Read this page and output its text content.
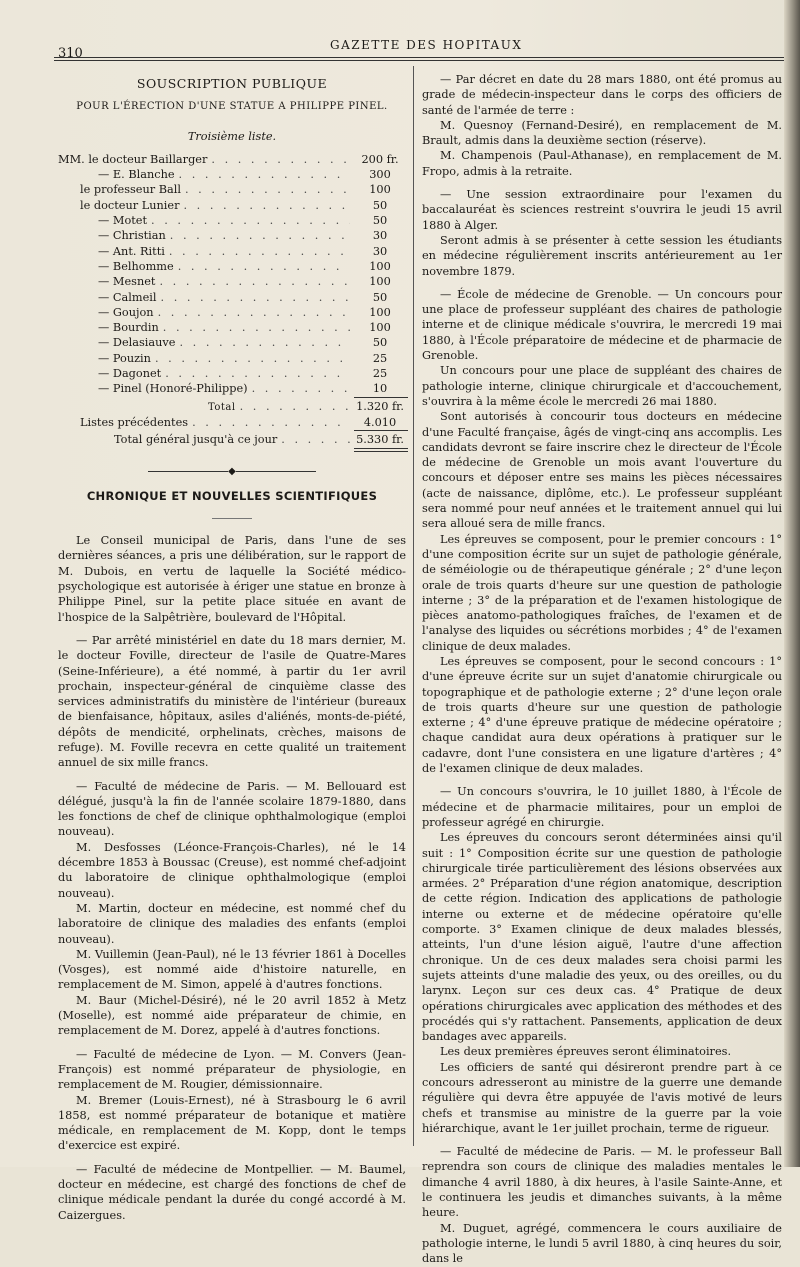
310
GAZETTE DES HOPITAUX

SOUSCRIPTION PUBLIQUE

POUR L'ÉRECTION D'UNE STATUE A PHILIPPE PINEL.

Troisième liste.

MM. le docteur Baillarger . . .	200 fr.
— E. Blanche . . .	300
le professeur Ball . . .	100
le docteur Lunier . . .	50
— Motet . . .	50
— Christian . . .	30
— Ant. Ritti . . .	30
— Belhomme . . .	100
— Mesnet . . .	100
— Calmeil . . .	50
— Goujon . . .	100
— Bourdin . . .	100
— Delasiauve . . .	50
— Pouzin . . .	25
— Dagonet . . .	25
— Pinel (Honoré-Philippe) . . .	10
Total . . .	1.320 fr.
Listes précédentes . . .	4.010
Total général jusqu'à ce jour . . .	5.330 fr.
◆
CHRONIQUE ET NOUVELLES SCIENTIFIQUES

Le Conseil municipal de Paris, dans l'une de ses dernières séances, a pris une délibération, sur le rapport de M. Dubois, en vertu de laquelle la Société médico-psychologique est autorisée à ériger une statue en bronze à Philippe Pinel, sur la petite place située en avant de l'hospice de la Salpêtrière, boulevard de l'Hôpital.

— Par arrêté ministériel en date du 18 mars dernier, M. le docteur Foville, directeur de l'asile de Quatre-Mares (Seine-Inférieure), a été nommé, à partir du 1er avril prochain, inspecteur-général de cinquième classe des services administratifs du ministère de l'intérieur (bureaux de bienfaisance, hôpitaux, asiles d'aliénés, monts-de-piété, dépôts de mendicité, orphelinats, crèches, maisons de refuge). M. Foville recevra en cette qualité un traitement annuel de six mille francs.

— Faculté de médecine de Paris. — M. Bellouard est délégué, jusqu'à la fin de l'année scolaire 1879-1880, dans les fonctions de chef de clinique ophthalmologique (emploi nouveau).

M. Desfosses (Léonce-François-Charles), né le 14 décembre 1853 à Boussac (Creuse), est nommé chef-adjoint du laboratoire de clinique ophthalmologique (emploi nouveau).

M. Martin, docteur en médecine, est nommé chef du laboratoire de clinique des maladies des enfants (emploi nouveau).

M. Vuillemin (Jean-Paul), né le 13 février 1861 à Docelles (Vosges), est nommé aide d'histoire naturelle, en remplacement de M. Simon, appelé à d'autres fonctions.

M. Baur (Michel-Désiré), né le 20 avril 1852 à Metz (Moselle), est nommé aide préparateur de chimie, en remplacement de M. Dorez, appelé à d'autres fonctions.

— Faculté de médecine de Lyon. — M. Convers (Jean-François) est nommé préparateur de physiologie, en remplacement de M. Rougier, démissionnaire.

M. Bremer (Louis-Ernest), né à Strasbourg le 6 avril 1858, est nommé préparateur de botanique et matière médicale, en remplacement de M. Kopp, dont le temps d'exercice est expiré.

— Faculté de médecine de Montpellier. — M. Baumel, docteur en médecine, est chargé des fonctions de chef de clinique médicale pendant la durée du congé accordé à M. Caizergues.

— Par décret en date du 28 mars 1880, ont été promus au grade de médecin-inspecteur dans le corps des officiers de santé de l'armée de terre :

M. Quesnoy (Fernand-Desiré), en remplacement de M. Brault, admis dans la deuxième section (réserve).

M. Champenois (Paul-Athanase), en remplacement de M. Fropo, admis à la retraite.

— Une session extraordinaire pour l'examen du baccalauréat ès sciences restreint s'ouvrira le jeudi 15 avril 1880 à Alger.

Seront admis à se présenter à cette session les étudiants en médecine régulièrement inscrits antérieurement au 1er novembre 1879.

— École de médecine de Grenoble. — Un concours pour une place de professeur suppléant des chaires de pathologie interne et de clinique médicale s'ouvrira, le mercredi 19 mai 1880, à l'École préparatoire de médecine et de pharmacie de Grenoble.

Un concours pour une place de suppléant des chaires de pathologie interne, clinique chirurgicale et d'accouchement, s'ouvrira à la même école le mercredi 26 mai 1880.

Sont autorisés à concourir tous docteurs en médecine d'une Faculté française, âgés de vingt-cinq ans accomplis. Les candidats devront se faire inscrire chez le directeur de l'École de médecine de Grenoble un mois avant l'ouverture du concours et déposer entre ses mains les pièces nécessaires (acte de naissance, diplôme, etc.). Le professeur suppléant sera nommé pour neuf années et le traitement annuel qui lui sera alloué sera de mille francs.

Les épreuves se composent, pour le premier concours : 1° d'une composition écrite sur un sujet de pathologie générale, de séméiologie ou de thérapeutique générale ; 2° d'une leçon orale de trois quarts d'heure sur une question de pathologie interne ; 3° de la préparation et de l'examen histologique de pièces anatomo-pathologiques fraîches, de l'examen et de l'analyse des liquides ou sécrétions morbides ; 4° de l'examen clinique de deux malades.

Les épreuves se composent, pour le second concours : 1° d'une épreuve écrite sur un sujet d'anatomie chirurgicale ou topographique et de pathologie externe ; 2° d'une leçon orale de trois quarts d'heure sur une question de pathologie externe ; 4° d'une épreuve pratique de médecine opératoire ; chaque candidat aura deux opérations à pratiquer sur le cadavre, dont l'une consistera en une ligature d'artères ; 4° de l'examen clinique de deux malades.

— Un concours s'ouvrira, le 10 juillet 1880, à l'École de médecine et de pharmacie militaires, pour un emploi de professeur agrégé en chirurgie.

Les épreuves du concours seront déterminées ainsi qu'il suit : 1° Composition écrite sur une question de pathologie chirurgicale tirée particulièrement des lésions observées aux armées. 2° Préparation d'une région anatomique, description de cette région. Indication des applications de pathologie interne ou externe et de médecine opératoire qu'elle comporte. 3° Examen clinique de deux malades blessés, atteints, l'un d'une lésion aiguë, l'autre d'une affection chronique. Un de ces deux malades sera choisi parmi les sujets atteints d'une maladie des yeux, ou des oreilles, ou du larynx. Leçon sur ces deux cas. 4° Pratique de deux opérations chirurgicales avec application des méthodes et des procédés qui s'y rattachent. Pansements, application de deux bandages avec appareils.

Les deux premières épreuves seront éliminatoires.

Les officiers de santé qui désireront prendre part à ce concours adresseront au ministre de la guerre une demande régulière qui devra être appuyée de l'avis motivé de leurs chefs et transmise au ministre de la guerre par la voie hiérarchique, avant le 1er juillet prochain, terme de rigueur.

— Faculté de médecine de Paris. — M. le professeur Ball reprendra son cours de clinique des maladies mentales le dimanche 4 avril 1880, à dix heures, à l'asile Sainte-Anne, et le continuera les jeudis et dimanches suivants, à la même heure.

M. Duguet, agrégé, commencera le cours auxiliaire de pathologie interne, le lundi 5 avril 1880, à cinq heures du soir, dans le
